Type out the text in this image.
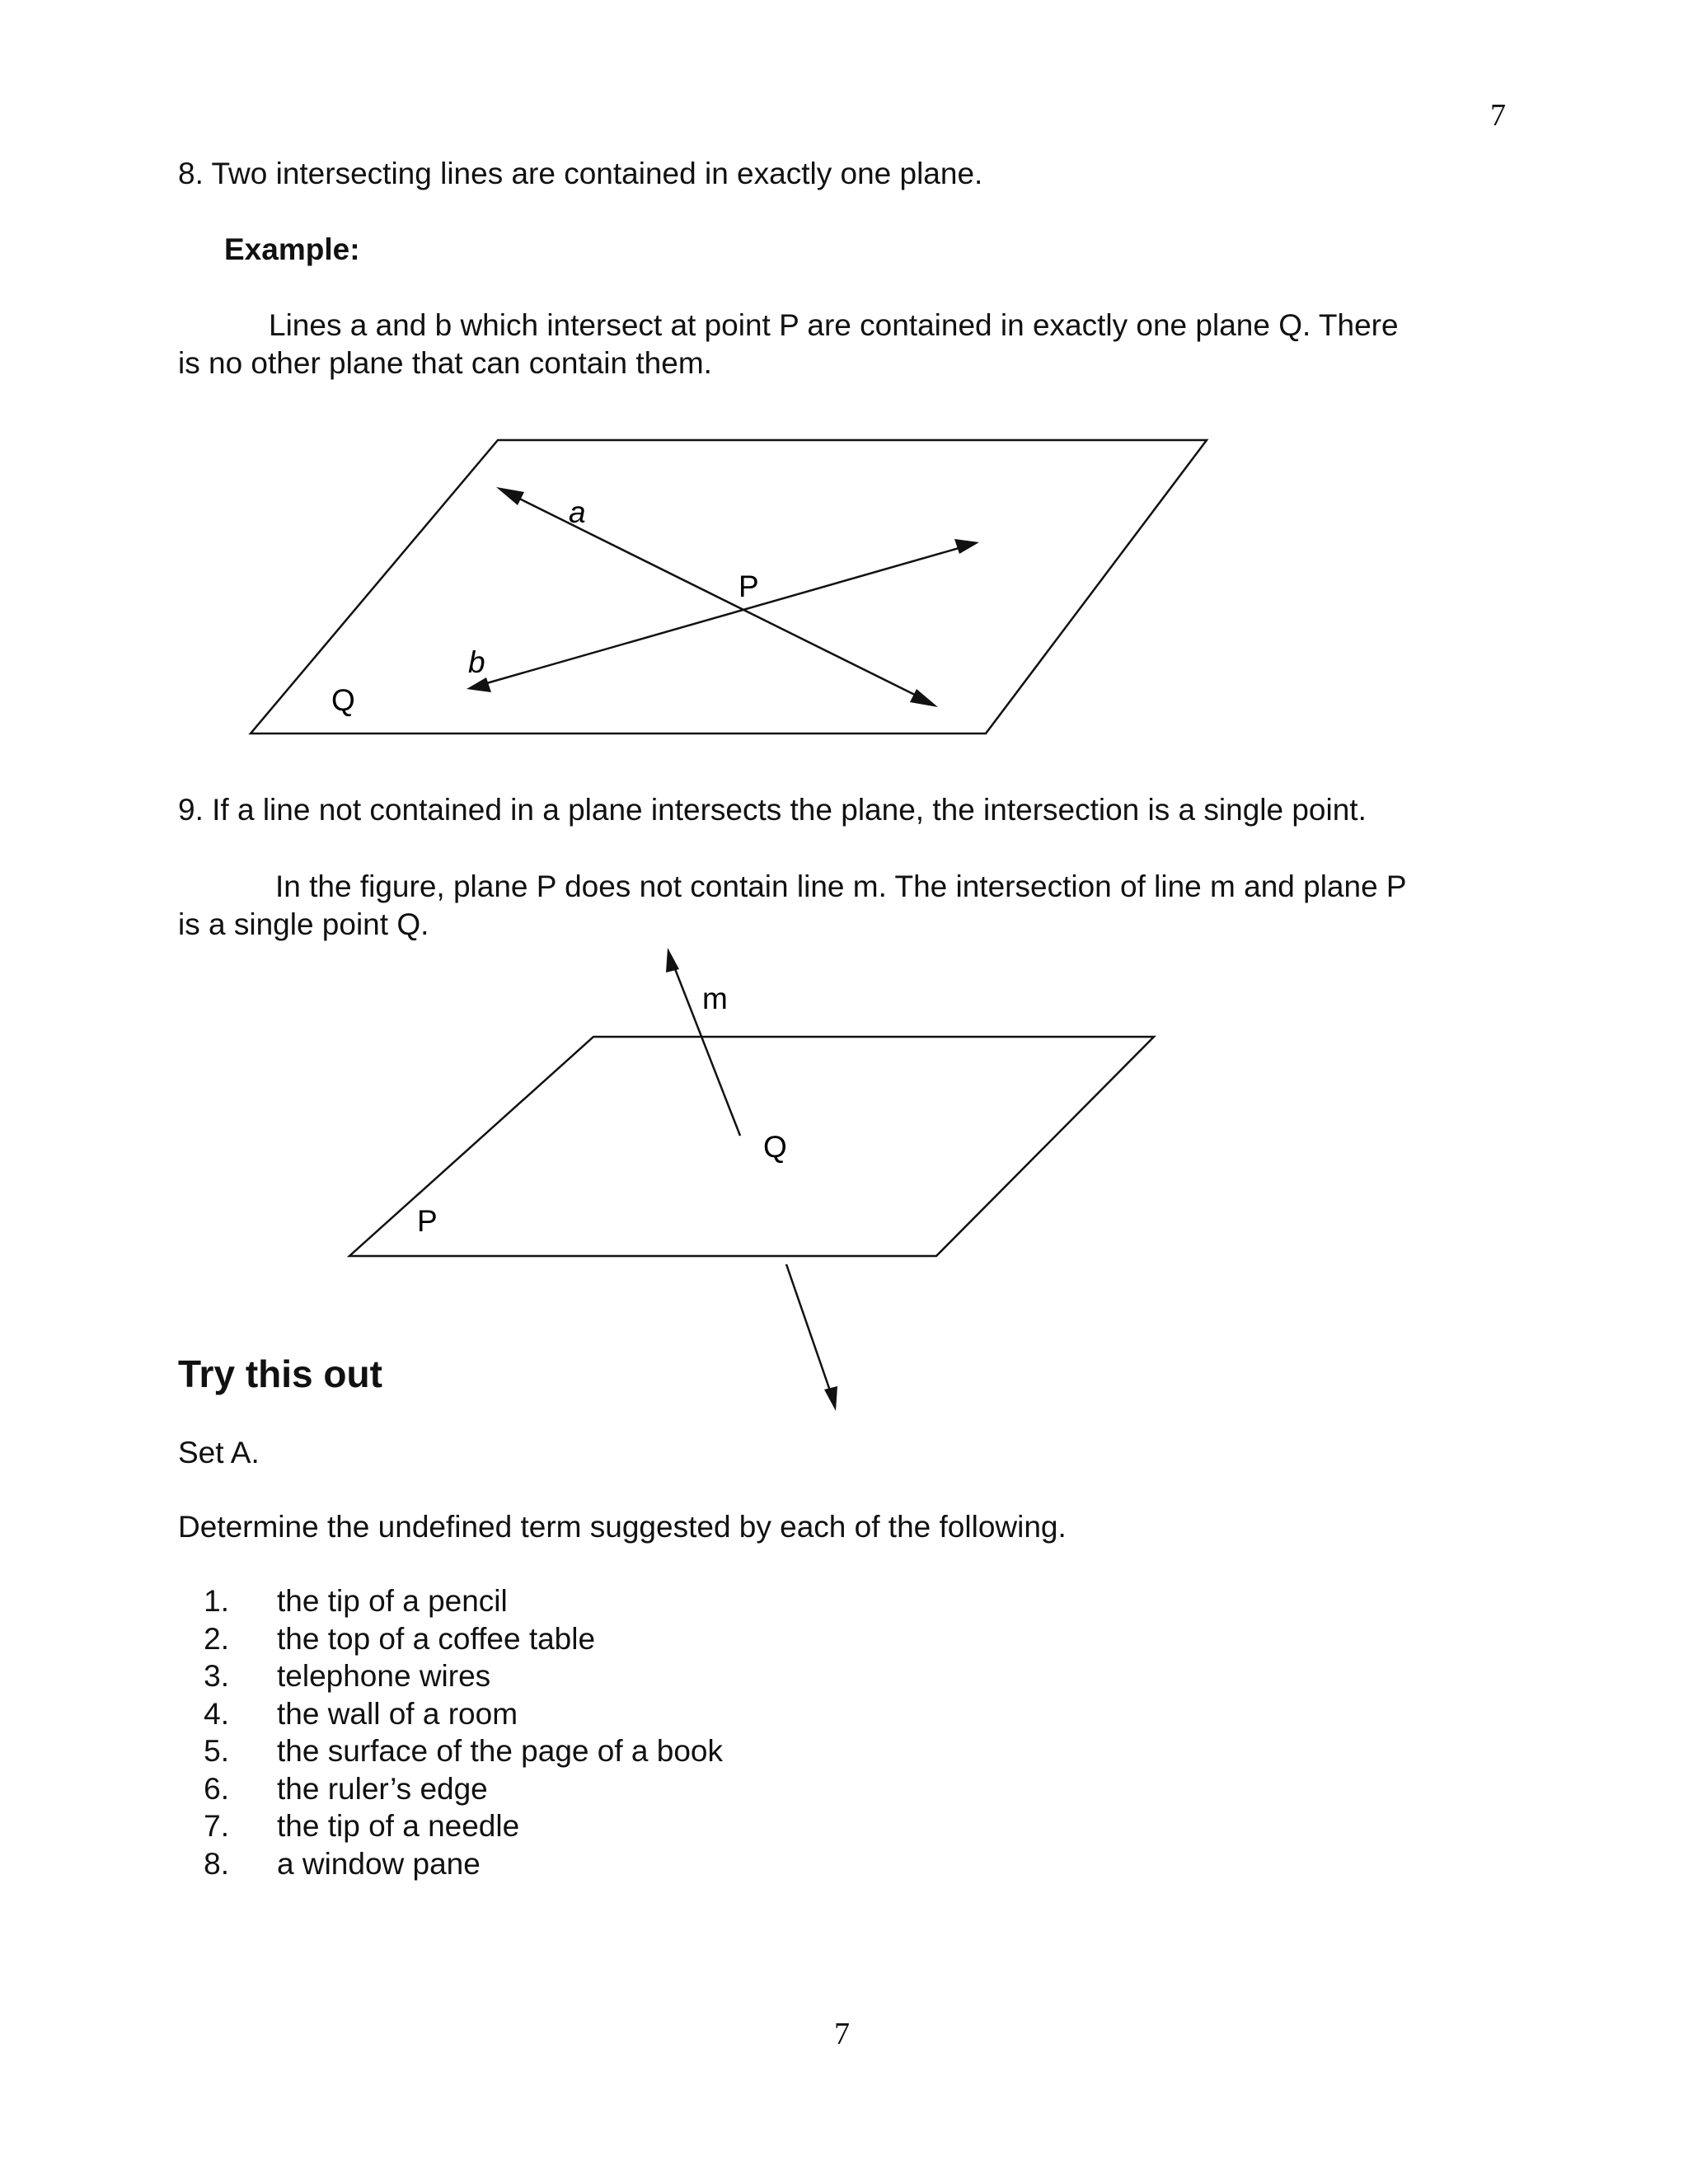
7
7
8. Two intersecting lines are contained in exactly one plane.
Example:
Lines a and b which intersect at point P are contained in exactly one plane Q. There
is no other plane that can contain them.
a
b
P
Q
9. If a line not contained in a plane intersects the plane, the intersection is a single point.
In the figure, plane P does not contain line m. The intersection of line m and plane P
is a single point Q.
m
Q
P
Try this out
Set A.
Determine the undefined term suggested by each of the following.
1. the tip of a pencil
2. the top of a coffee table
3. telephone wires
4. the wall of a room
5. the surface of the page of a book
6. the ruler’s edge
7. the tip of a needle
8. a window pane
